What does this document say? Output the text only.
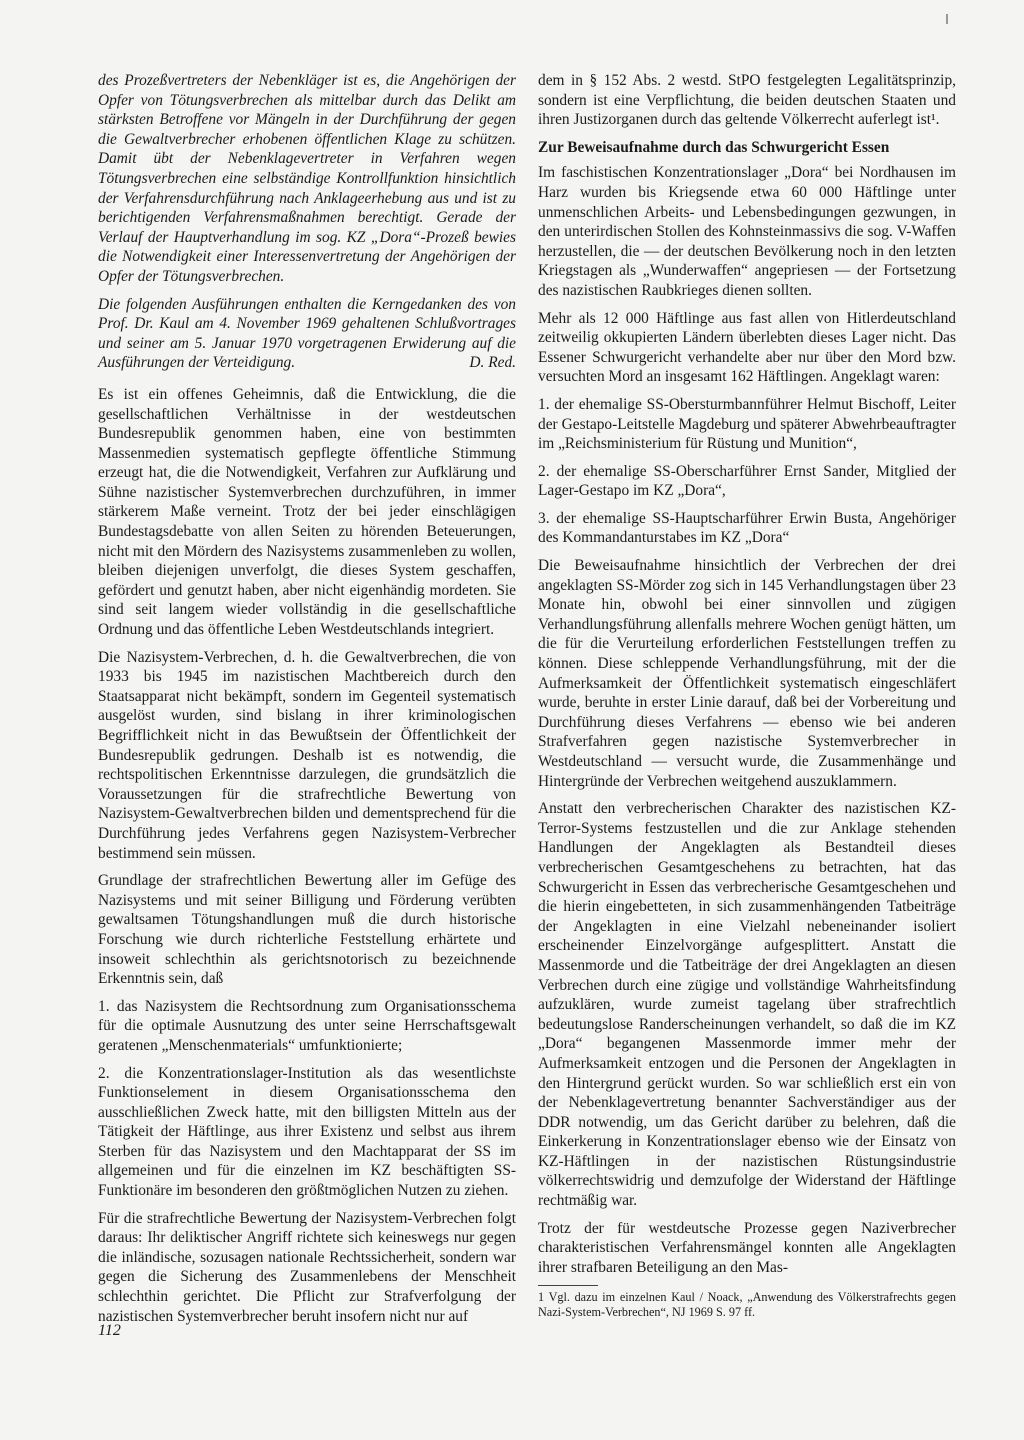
des Prozeßvertreters der Nebenkläger ist es, die Angehörigen der Opfer von Tötungsverbrechen als mittelbar durch das Delikt am stärksten Betroffene vor Mängeln in der Durchführung der gegen die Gewaltverbrecher erhobenen öffentlichen Klage zu schützen. Damit übt der Nebenklagevertreter in Verfahren wegen Tötungsverbrechen eine selbständige Kontrollfunktion hinsichtlich der Verfahrensdurchführung nach Anklageerhebung aus und ist zu berichtigenden Verfahrensmaßnahmen berechtigt. Gerade der Verlauf der Hauptverhandlung im sog. KZ „Dora“-Prozeß bewies die Notwendigkeit einer Interessenvertretung der Angehörigen der Opfer der Tötungsverbrechen.

Die folgenden Ausführungen enthalten die Kerngedanken des von Prof. Dr. Kaul am 4. November 1969 gehaltenen Schlußvortrages und seiner am 5. Januar 1970 vorgetragenen Erwiderung auf die Ausführungen der Verteidigung.	D. Red.

Es ist ein offenes Geheimnis, daß die Entwicklung, die die gesellschaftlichen Verhältnisse in der westdeutschen Bundesrepublik genommen haben, eine von bestimmten Massenmedien systematisch gepflegte öffentliche Stimmung erzeugt hat, die die Notwendigkeit, Verfahren zur Aufklärung und Sühne nazistischer Systemverbrechen durchzuführen, in immer stärkerem Maße verneint. Trotz der bei jeder einschlägigen Bundestagsdebatte von allen Seiten zu hörenden Beteuerungen, nicht mit den Mördern des Nazisystems zusammenleben zu wollen, bleiben diejenigen unverfolgt, die dieses System geschaffen, gefördert und genutzt haben, aber nicht eigenhändig mordeten. Sie sind seit langem wieder vollständig in die gesellschaftliche Ordnung und das öffentliche Leben Westdeutschlands integriert.

Die Nazisystem-Verbrechen, d. h. die Gewaltverbrechen, die von 1933 bis 1945 im nazistischen Machtbereich durch den Staatsapparat nicht bekämpft, sondern im Gegenteil systematisch ausgelöst wurden, sind bislang in ihrer kriminologischen Begrifflichkeit nicht in das Bewußtsein der Öffentlichkeit der Bundesrepublik gedrungen. Deshalb ist es notwendig, die rechtspolitischen Erkenntnisse darzulegen, die grundsätzlich die Voraussetzungen für die strafrechtliche Bewertung von Nazisystem-Gewaltverbrechen bilden und dementsprechend für die Durchführung jedes Verfahrens gegen Nazisystem-Verbrecher bestimmend sein müssen.

Grundlage der strafrechtlichen Bewertung aller im Gefüge des Nazisystems und mit seiner Billigung und Förderung verübten gewaltsamen Tötungshandlungen muß die durch historische Forschung wie durch richterliche Feststellung erhärtete und insoweit schlechthin als gerichtsnotorisch zu bezeichnende Erkenntnis sein, daß

1. das Nazisystem die Rechtsordnung zum Organisationsschema für die optimale Ausnutzung des unter seine Herrschaftsgewalt geratenen „Menschenmaterials“ umfunktionierte;

2. die Konzentrationslager-Institution als das wesentlichste Funktionselement in diesem Organisationsschema den ausschließlichen Zweck hatte, mit den billigsten Mitteln aus der Tätigkeit der Häftlinge, aus ihrer Existenz und selbst aus ihrem Sterben für das Nazisystem und den Machtapparat der SS im allgemeinen und für die einzelnen im KZ beschäftigten SS-Funktionäre im besonderen den größtmöglichen Nutzen zu ziehen.

Für die strafrechtliche Bewertung der Nazisystem-Verbrechen folgt daraus: Ihr deliktischer Angriff richtete sich keineswegs nur gegen die inländische, sozusagen nationale Rechtssicherheit, sondern war gegen die Sicherung des Zusammenlebens der Menschheit schlechthin gerichtet. Die Pflicht zur Strafverfolgung der nazistischen Systemverbrecher beruht insofern nicht nur auf

dem in § 152 Abs. 2 westd. StPO festgelegten Legalitätsprinzip, sondern ist eine Verpflichtung, die beiden deutschen Staaten und ihren Justizorganen durch das geltende Völkerrecht auferlegt ist¹.

Zur Beweisaufnahme durch das Schwurgericht Essen

Im faschistischen Konzentrationslager „Dora“ bei Nordhausen im Harz wurden bis Kriegsende etwa 60 000 Häftlinge unter unmenschlichen Arbeits- und Lebensbedingungen gezwungen, in den unterirdischen Stollen des Kohnsteinmassivs die sog. V-Waffen herzustellen, die — der deutschen Bevölkerung noch in den letzten Kriegstagen als „Wunderwaffen“ angepriesen — der Fortsetzung des nazistischen Raubkrieges dienen sollten.

Mehr als 12 000 Häftlinge aus fast allen von Hitlerdeutschland zeitweilig okkupierten Ländern überlebten dieses Lager nicht. Das Essener Schwurgericht verhandelte aber nur über den Mord bzw. versuchten Mord an insgesamt 162 Häftlingen. Angeklagt waren:

1. der ehemalige SS-Obersturmbannführer Helmut Bischoff, Leiter der Gestapo-Leitstelle Magdeburg und späterer Abwehrbeauftragter im „Reichsministerium für Rüstung und Munition“,

2. der ehemalige SS-Oberscharführer Ernst Sander, Mitglied der Lager-Gestapo im KZ „Dora“,

3. der ehemalige SS-Hauptscharführer Erwin Busta, Angehöriger des Kommandanturstabes im KZ „Dora“

Die Beweisaufnahme hinsichtlich der Verbrechen der drei angeklagten SS-Mörder zog sich in 145 Verhandlungstagen über 23 Monate hin, obwohl bei einer sinnvollen und zügigen Verhandlungsführung allenfalls mehrere Wochen genügt hätten, um die für die Verurteilung erforderlichen Feststellungen treffen zu können. Diese schleppende Verhandlungsführung, mit der die Aufmerksamkeit der Öffentlichkeit systematisch eingeschläfert wurde, beruhte in erster Linie darauf, daß bei der Vorbereitung und Durchführung dieses Verfahrens — ebenso wie bei anderen Strafverfahren gegen nazistische Systemverbrecher in Westdeutschland — versucht wurde, die Zusammenhänge und Hintergründe der Verbrechen weitgehend auszuklammern.

Anstatt den verbrecherischen Charakter des nazistischen KZ-Terror-Systems festzustellen und die zur Anklage stehenden Handlungen der Angeklagten als Bestandteil dieses verbrecherischen Gesamtgeschehens zu betrachten, hat das Schwurgericht in Essen das verbrecherische Gesamtgeschehen und die hierin eingebetteten, in sich zusammenhängenden Tatbeiträge der Angeklagten in eine Vielzahl nebeneinander isoliert erscheinender Einzelvorgänge aufgesplittert. Anstatt die Massenmorde und die Tatbeiträge der drei Angeklagten an diesen Verbrechen durch eine zügige und vollständige Wahrheitsfindung aufzuklären, wurde zumeist tagelang über strafrechtlich bedeutungslose Randerscheinungen verhandelt, so daß die im KZ „Dora“ begangenen Massenmorde immer mehr der Aufmerksamkeit entzogen und die Personen der Angeklagten in den Hintergrund gerückt wurden. So war schließlich erst ein von der Nebenklagevertretung benannter Sachverständiger aus der DDR notwendig, um das Gericht darüber zu belehren, daß die Einkerkerung in Konzentrationslager ebenso wie der Einsatz von KZ-Häftlingen in der nazistischen Rüstungsindustrie völkerrechtswidrig und demzufolge der Widerstand der Häftlinge rechtmäßig war.

Trotz der für westdeutsche Prozesse gegen Naziverbrecher charakteristischen Verfahrensmängel konnten alle Angeklagten ihrer strafbaren Beteiligung an den Mas-

1 Vgl. dazu im einzelnen Kaul / Noack, „Anwendung des Völkerstrafrechts gegen Nazi-System-Verbrechen“, NJ 1969 S. 97 ff.

112
